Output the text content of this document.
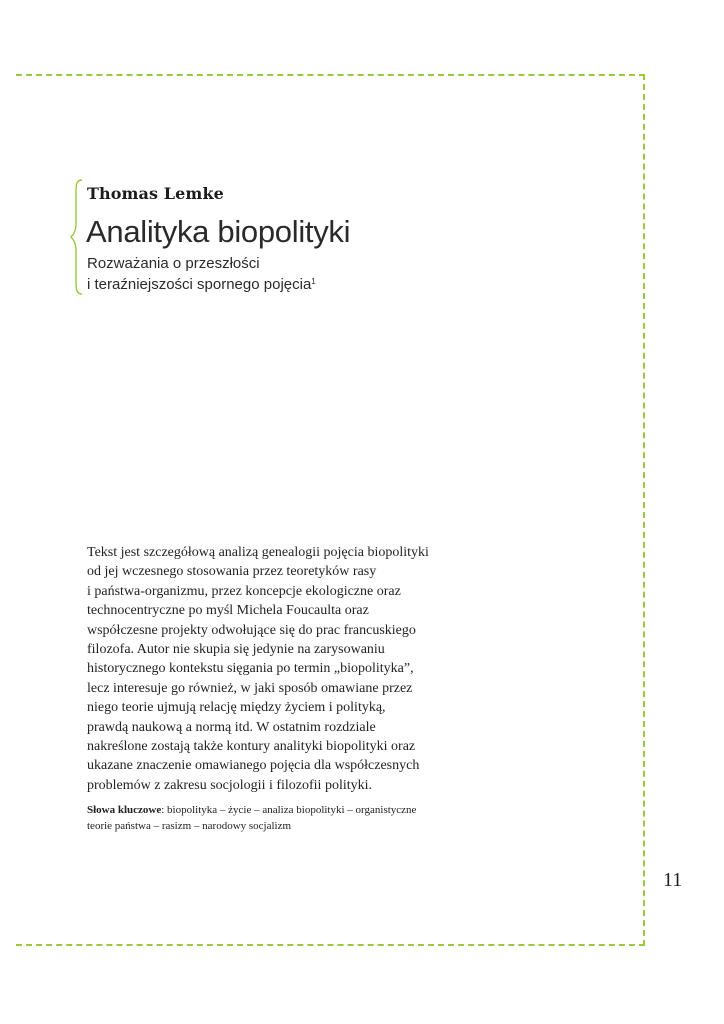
Thomas Lemke
Analityka biopolityki
Rozważania o przeszłości
i teraźniejszości spornego pojęcia$^1$
Tekst jest szczegółową analizą genealogii pojęcia biopolityki
od jej wczesnego stosowania przez teoretyków rasy
i państwa-organizmu, przez koncepcje ekologiczne oraz
technocentryczne po myśl Michela Foucaulta oraz
współczesne projekty odwołujące się do prac francuskiego
filozofa. Autor nie skupia się jedynie na zarysowaniu
historycznego kontekstu sięgania po termin „biopolityka”,
lecz interesuje go również, w jaki sposób omawiane przez
niego teorie ujmują relację między życiem i polityką,
prawdą naukową a normą itd. W ostatnim rozdziale
nakreślone zostają także kontury analityki biopolityki oraz
ukazane znaczenie omawianego pojęcia dla współczesnych
problemów z zakresu socjologii i filozofii polityki.
Słowa kluczowe: biopolityka – życie – analiza biopolityki – organistyczne
teorie państwa – rasizm – narodowy socjalizm
11
